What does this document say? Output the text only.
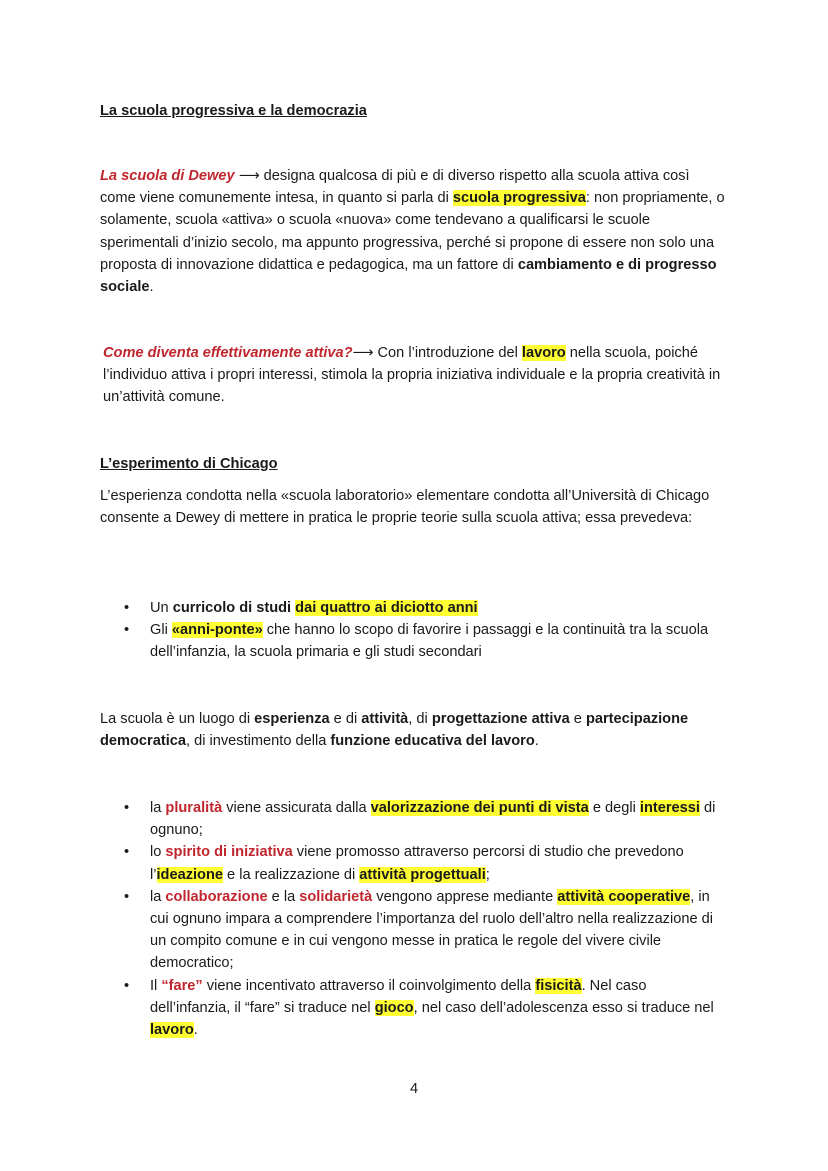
La scuola progressiva e la democrazia

La scuola di Dewey ⟶ designa qualcosa di più e di diverso rispetto alla scuola attiva così come viene comunemente intesa, in quanto si parla di scuola progressiva: non propriamente, o solamente, scuola «attiva» o scuola «nuova» come tendevano a qualificarsi le scuole sperimentali d’inizio secolo, ma appunto progressiva, perché si propone di essere non solo una proposta di innovazione didattica e pedagogica, ma un fattore di cambiamento e di progresso sociale.

Come diventa effettivamente attiva?⟶ Con l’introduzione del lavoro nella scuola, poiché l’individuo attiva i propri interessi, stimola la propria iniziativa individuale e la propria creatività in un’attività comune.

L’esperimento di Chicago

L’esperienza condotta nella «scuola laboratorio» elementare condotta all’Università di Chicago consente a Dewey di mettere in pratica le proprie teorie sulla scuola attiva; essa prevedeva:

• Un curricolo di studi dai quattro ai diciotto anni
• Gli «anni-ponte» che hanno lo scopo di favorire i passaggi e la continuità tra la scuola dell’infanzia, la scuola primaria e gli studi secondari

La scuola è un luogo di esperienza e di attività, di progettazione attiva e partecipazione democratica, di investimento della funzione educativa del lavoro.

• la pluralità viene assicurata dalla valorizzazione dei punti di vista e degli interessi di ognuno;
• lo spirito di iniziativa viene promosso attraverso percorsi di studio che prevedono l’ideazione e la realizzazione di attività progettuali;
• la collaborazione e la solidarietà vengono apprese mediante attività cooperative, in cui ognuno impara a comprendere l’importanza del ruolo dell’altro nella realizzazione di un compito comune e in cui vengono messe in pratica le regole del vivere civile democratico;
• Il “fare” viene incentivato attraverso il coinvolgimento della fisicità. Nel caso dell’infanzia, il “fare” si traduce nel gioco, nel caso dell’adolescenza esso si traduce nel lavoro.
4
